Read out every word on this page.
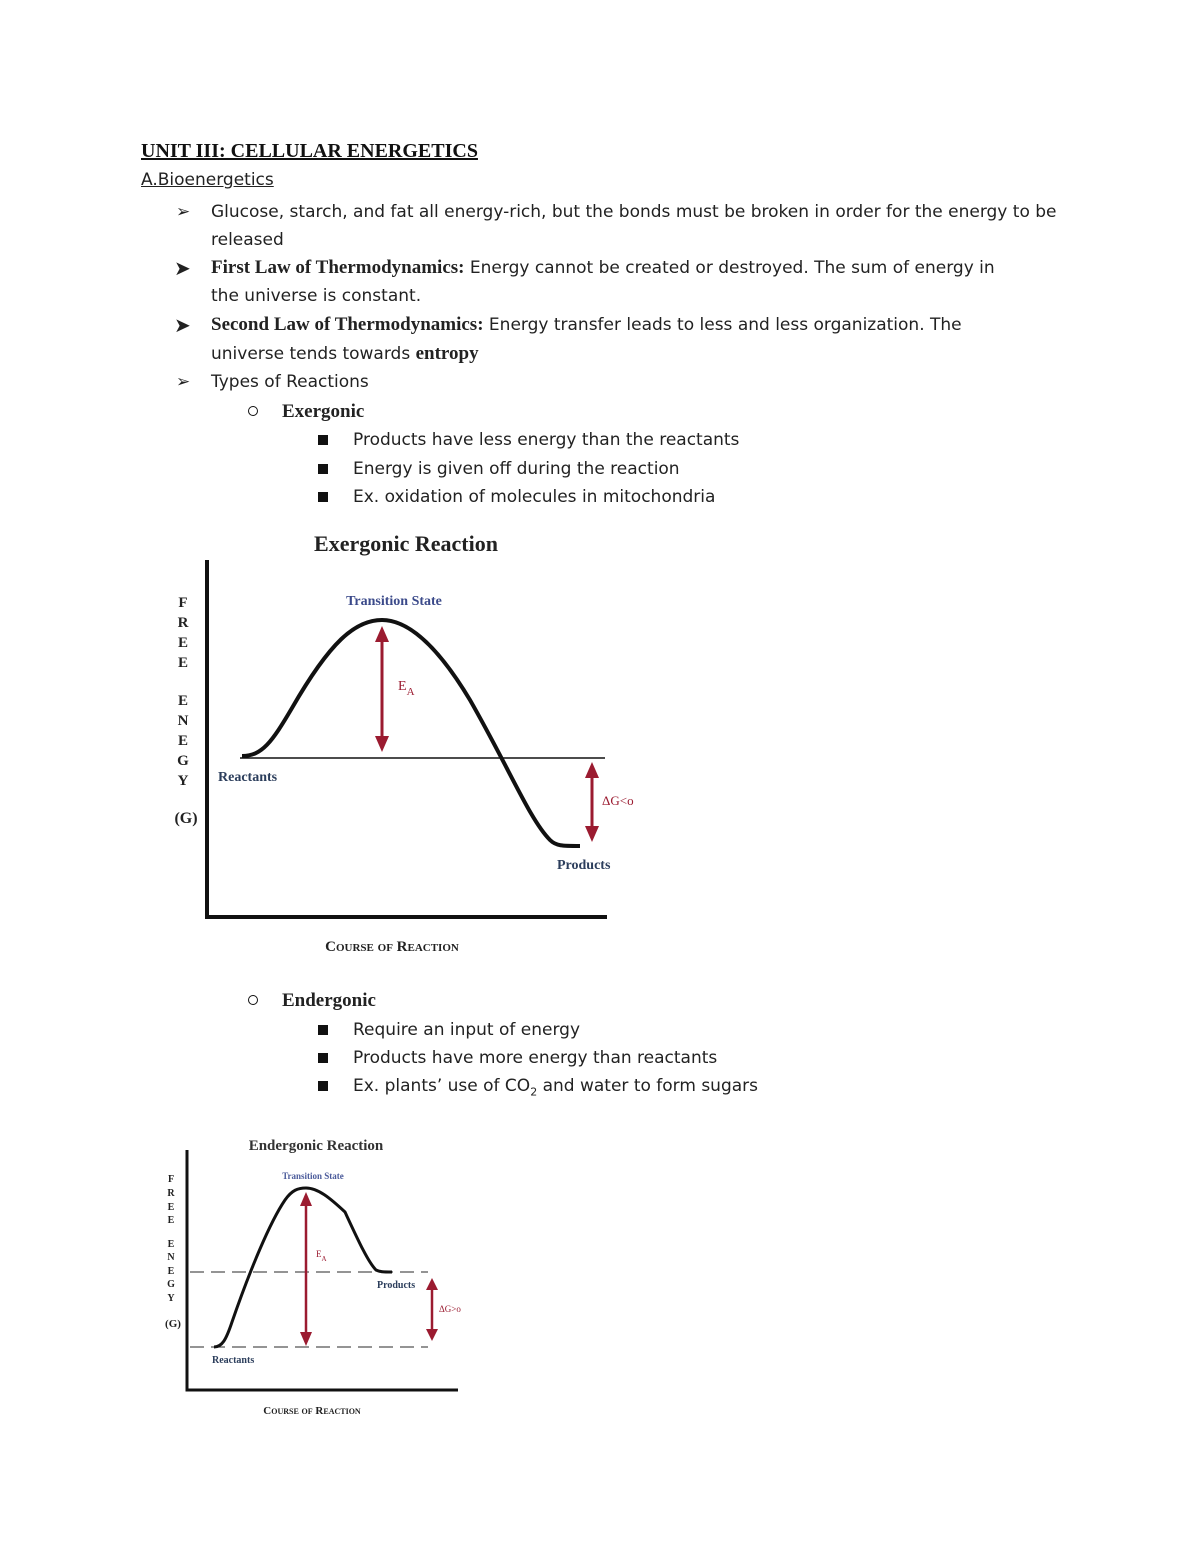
UNIT III: CELLULAR ENERGETICS
A.Bioenergetics
➢ Glucose, starch, and fat all energy-rich, but the bonds must be broken in order for the energy to be
released
➤ First Law of Thermodynamics: Energy cannot be created or destroyed. The sum of energy in
the universe is constant.
➤ Second Law of Thermodynamics: Energy transfer leads to less and less organization. The
universe tends towards entropy
➢ Types of Reactions
Exergonic
Products have less energy than the reactants
Energy is given off during the reaction
Ex. oxidation of molecules in mitochondria
Exergonic Reaction
F
R
E
E
E
N
E
G
Y
(G)
Transition State
$E_A$
Reactants
ΔG<o
Products
Course of Reaction
Endergonic
Require an input of energy
Products have more energy than reactants
Ex. plants’ use of $CO_2$ and water to form sugars
Endergonic Reaction
F
R
E
E
E
N
E
G
Y
(G)
Transition State
$E_A$
Products
ΔG>o
Reactants
Course of Reaction
